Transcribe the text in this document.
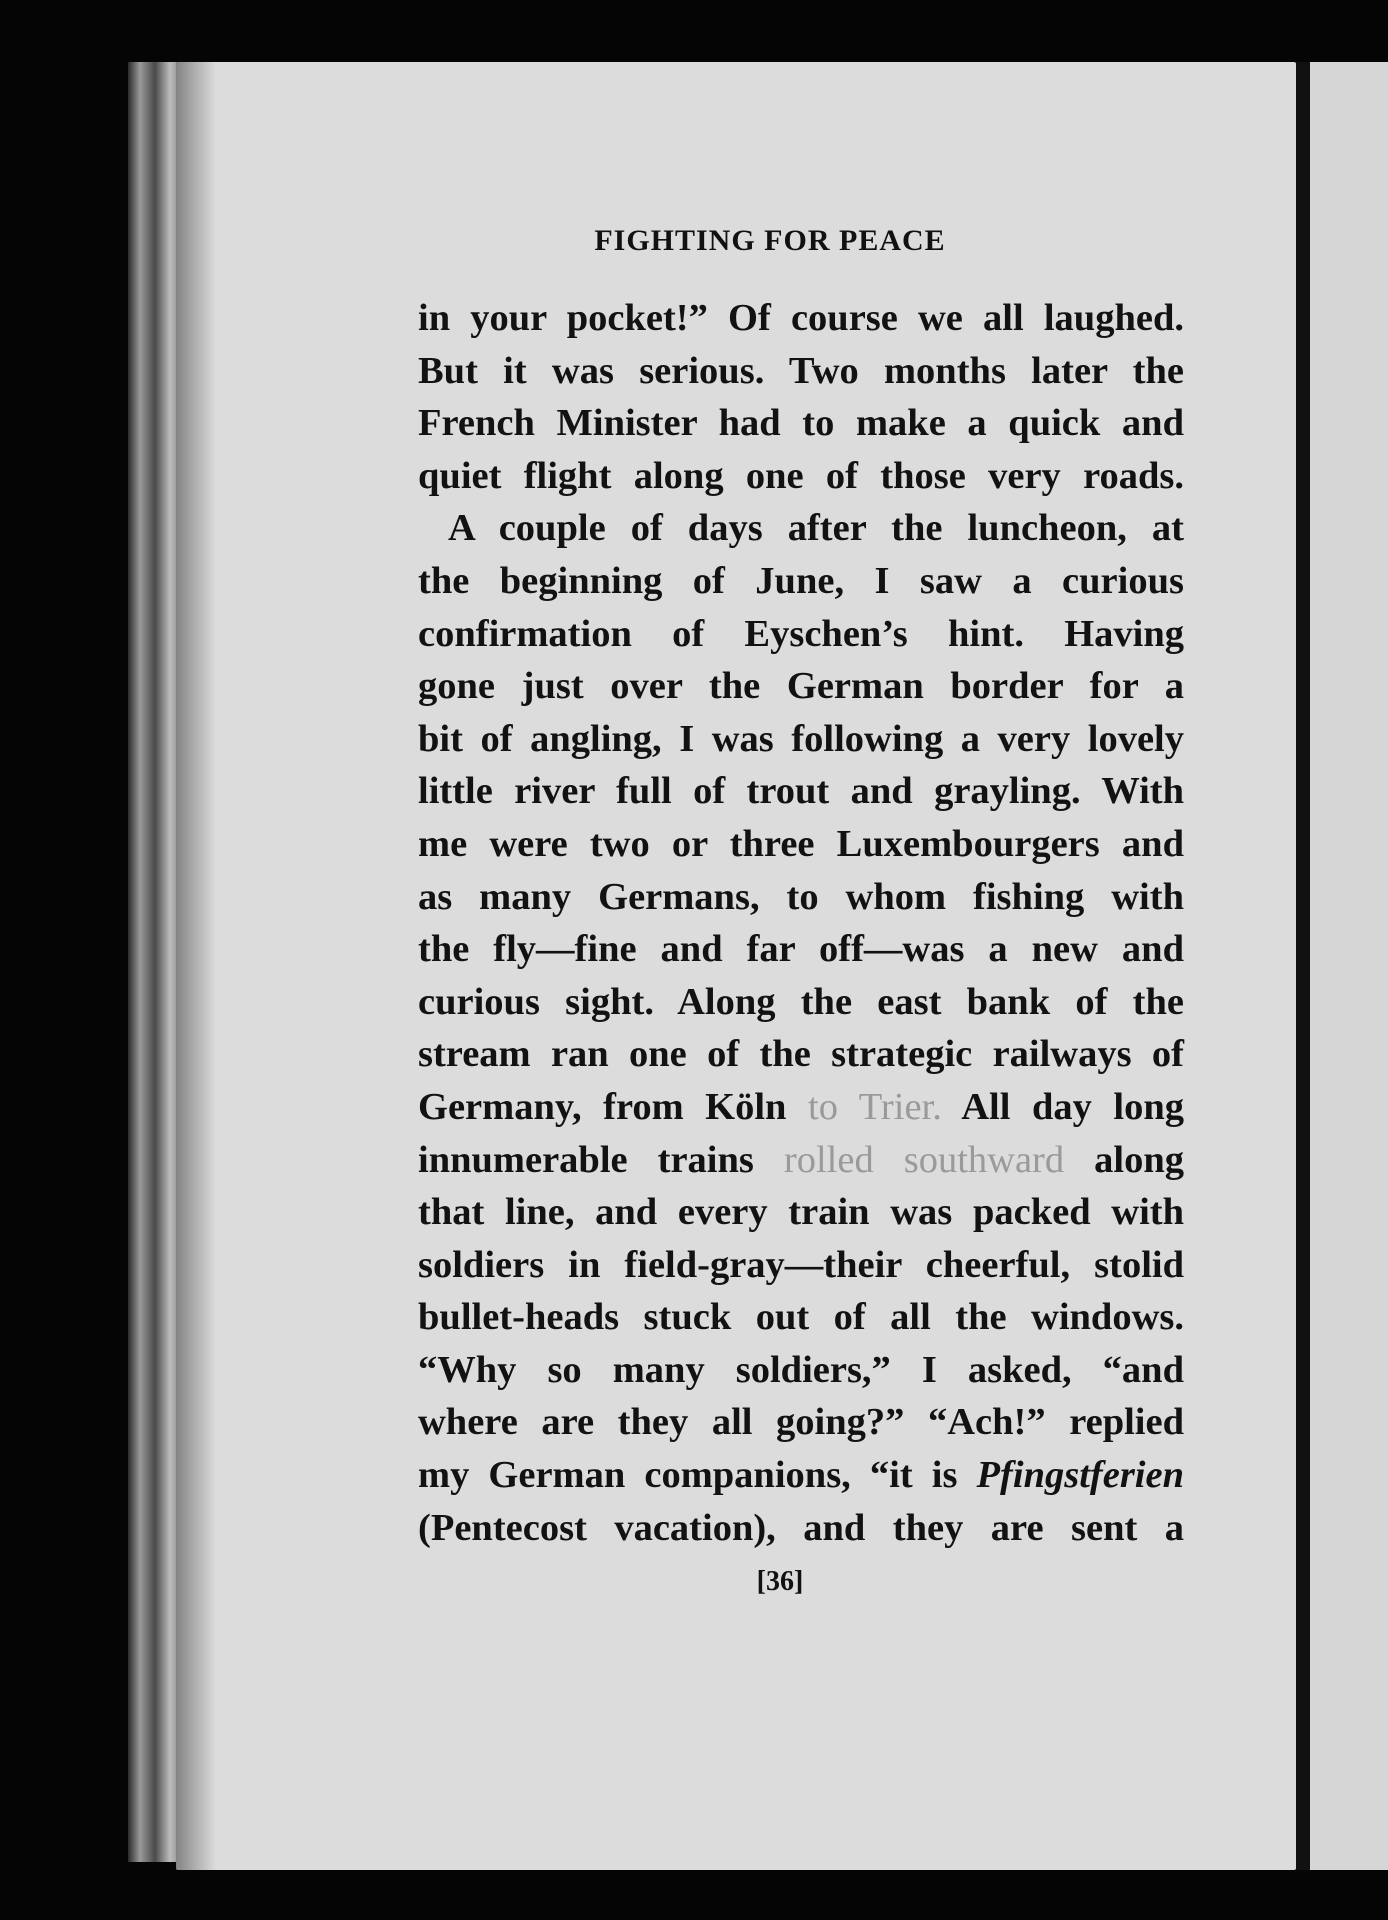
FIGHTING FOR PEACE
in your pocket!” Of course we all laughed.
But it was serious. Two months later the
French Minister had to make a quick and
quiet flight along one of those very roads.
A couple of days after the luncheon, at
the beginning of June, I saw a curious
confirmation of Eyschen’s hint. Having
gone just over the German border for a
bit of angling, I was following a very lovely
little river full of trout and grayling. With
me were two or three Luxembourgers and
as many Germans, to whom fishing with
the fly—fine and far off—was a new and
curious sight. Along the east bank of the
stream ran one of the strategic railways of
Germany, from Köln to Trier. All day long
innumerable trains rolled southward along
that line, and every train was packed with
soldiers in field-gray—their cheerful, stolid
bullet-heads stuck out of all the windows.
“Why so many soldiers,” I asked, “and
where are they all going?” “Ach!” replied
my German companions, “it is Pfingstferien
(Pentecost vacation), and they are sent a
[36]
